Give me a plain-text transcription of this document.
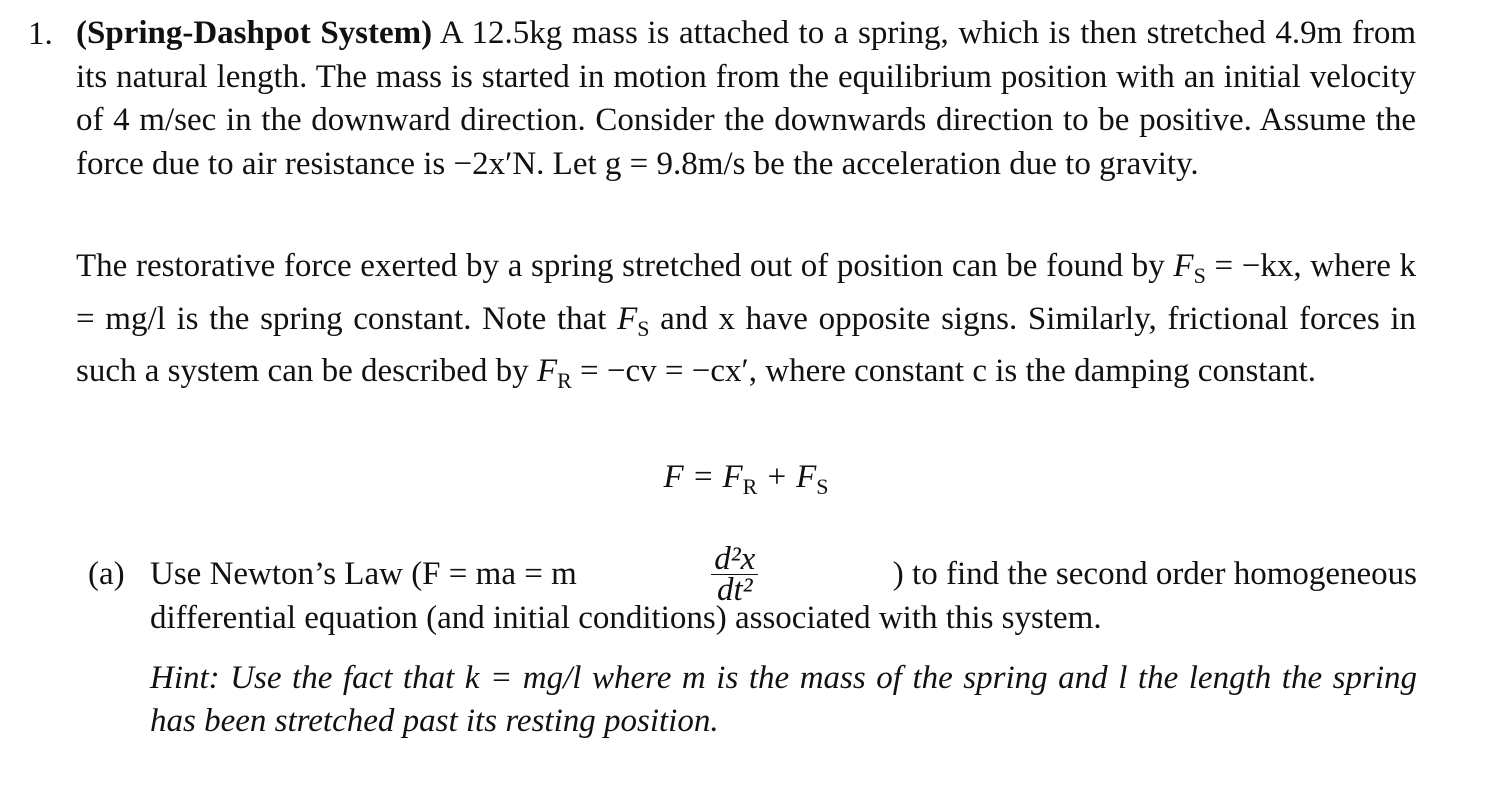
1. (Spring-Dashpot System) A 12.5kg mass is attached to a spring, which is then stretched 4.9m from its natural length. The mass is started in motion from the equilibrium position with an initial velocity of 4 m/sec in the downward direction. Consider the downwards direction to be positive. Assume the force due to air resistance is −2x′N. Let g = 9.8m/s be the acceleration due to gravity.
The restorative force exerted by a spring stretched out of position can be found by $F_S = -kx$, where k = mg/l is the spring constant. Note that $F_S$ and x have opposite signs. Similarly, frictional forces in such a system can be described by $F_R = -cv = -cx'$, where constant c is the damping constant.
$F = F_R + F_S$
(a) Use Newton’s Law (F = ma = m	$\frac{\text{d²x}}{\text{dt²}}$	) to find the second order homogeneous
differential equation (and initial conditions) associated with this system.
Hint: Use the fact that k = mg/l where m is the mass of the spring and l the length the spring has been stretched past its resting position.
